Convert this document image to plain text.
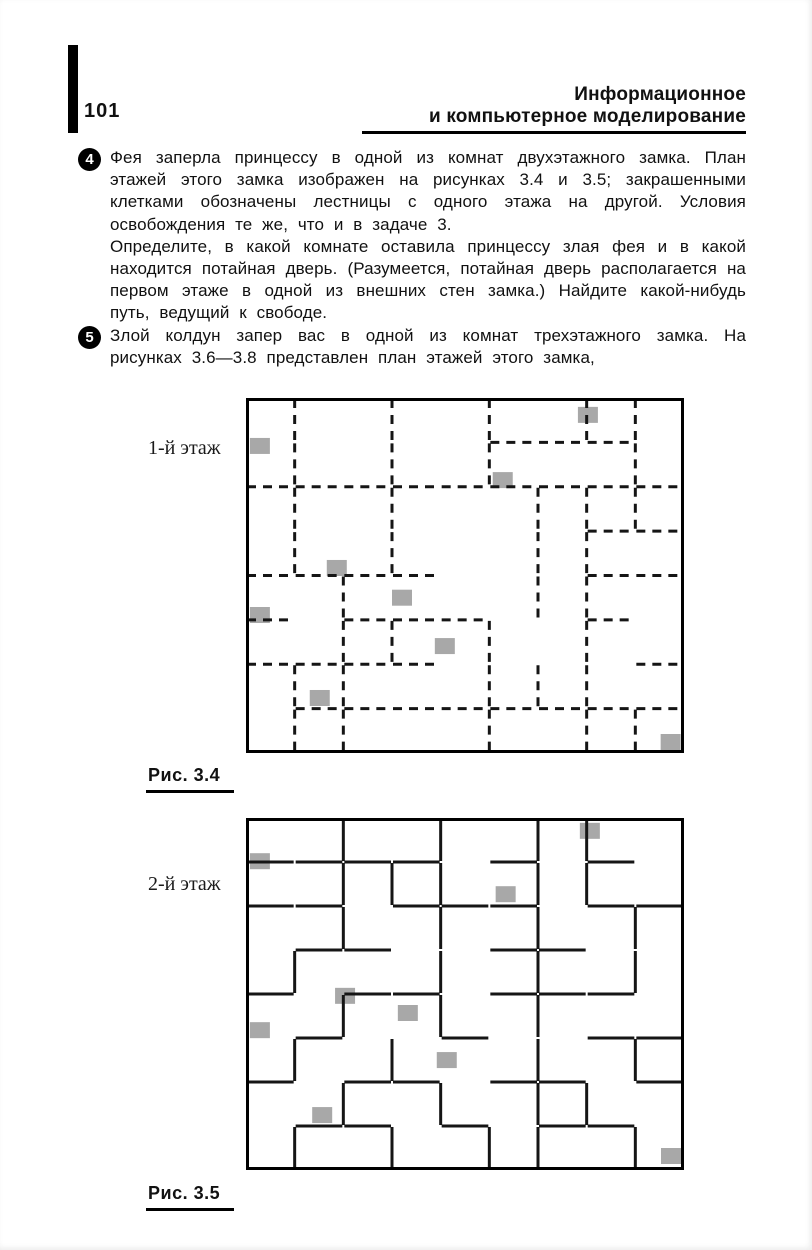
101
Информационное
и компьютерное моделирование
4 Фея заперла принцессу в одной из комнат двухэтажного замка. План этажей этого замка изображен на рисунках 3.4 и 3.5; закрашенными клетками обозначены лестницы с одного этажа на другой. Условия освобождения те же, что и в задаче 3.

Определите, в какой комнате оставила принцессу злая фея и в какой находится потайная дверь. (Разумеется, потайная дверь располагается на первом этаже в одной из внешних стен замка.) Найдите какой-нибудь путь, ведущий к свободе.

5 Злой колдун запер вас в одной из комнат трехэтажного замка. На рисунках 3.6—3.8 представлен план этажей этого замка,

1-й этаж
Рис. 3.4
2-й этаж
Рис. 3.5
